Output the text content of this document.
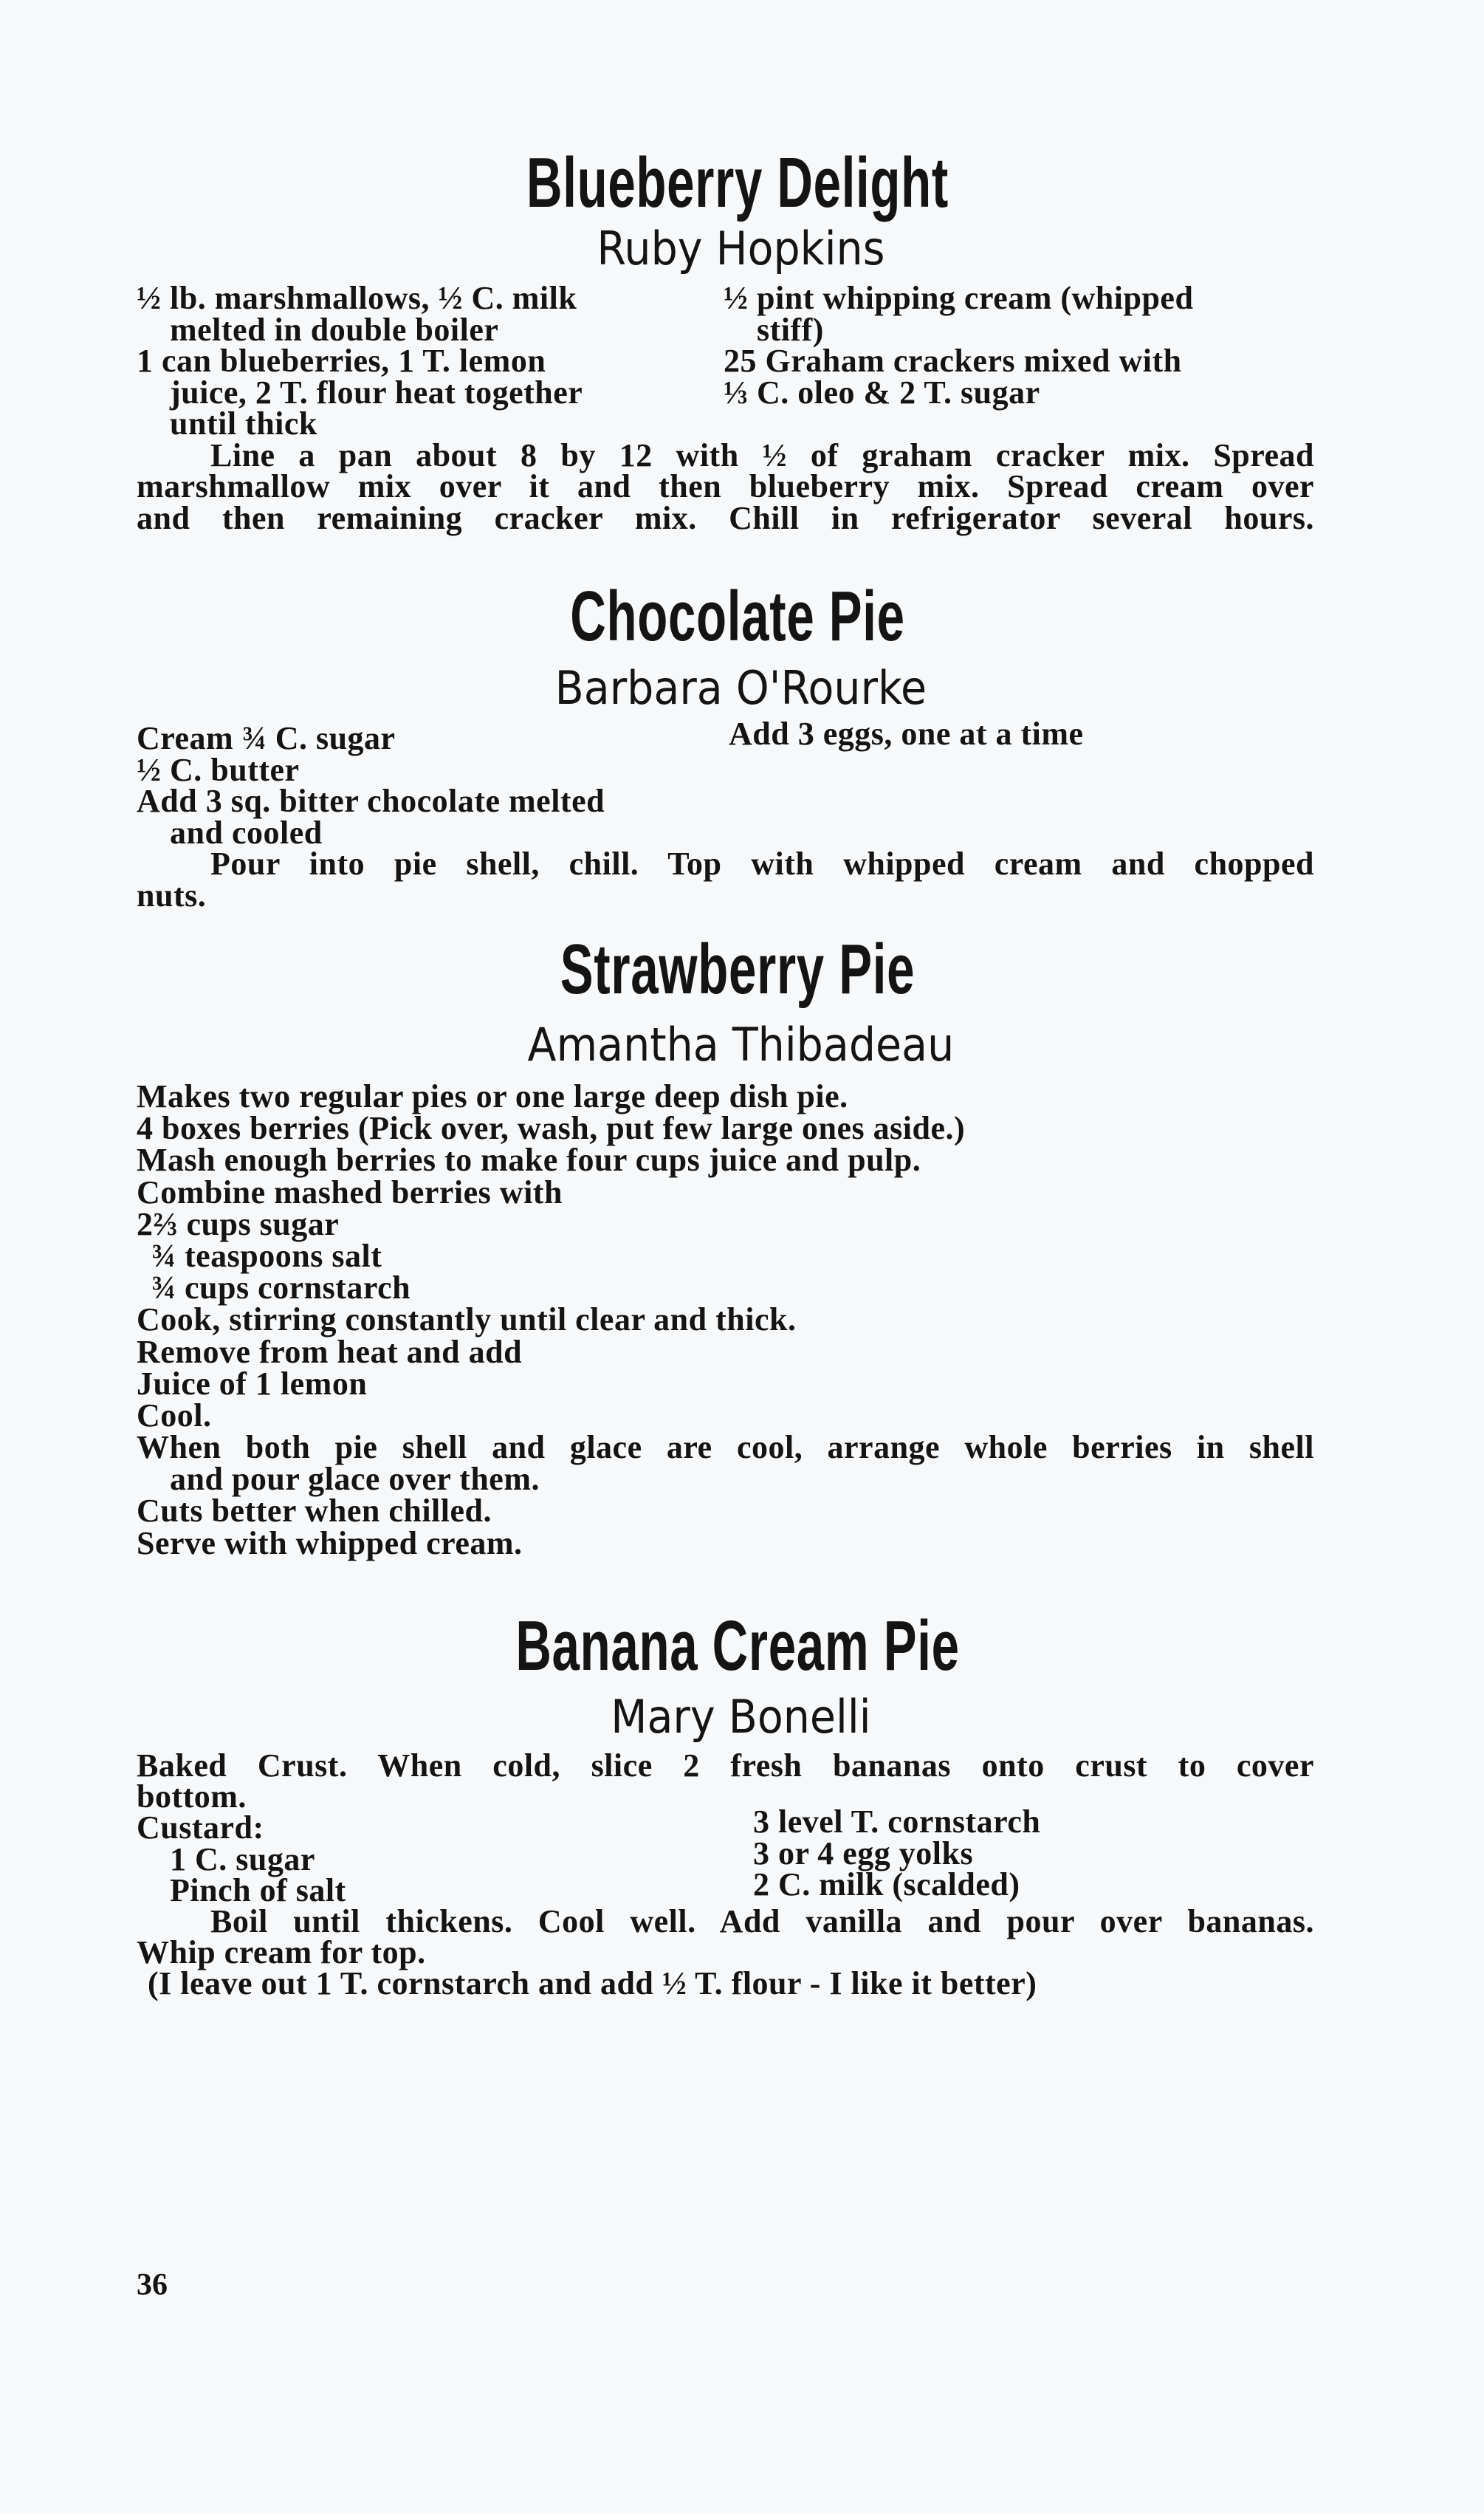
Blueberry Delight
Ruby Hopkins
½ lb. marshmallows, ½ C. milk	½ pint whipping cream (whipped
melted in double boiler	stiff)
1 can blueberries, 1 T. lemon	25 Graham crackers mixed with
juice, 2 T. flour heat together	⅓ C. oleo & 2 T. sugar
until thick
Line a pan about 8 by 12 with ½ of graham cracker mix. Spread
marshmallow mix over it and then blueberry mix. Spread cream over
and then remaining cracker mix. Chill in refrigerator several hours.
Chocolate Pie
Barbara O'Rourke
Cream ¾ C. sugar	Add 3 eggs, one at a time
½ C. butter
Add 3 sq. bitter chocolate melted
and cooled
Pour into pie shell, chill. Top with whipped cream and chopped
nuts.
Strawberry Pie
Amantha Thibadeau
Makes two regular pies or one large deep dish pie.
4 boxes berries (Pick over, wash, put few large ones aside.)
Mash enough berries to make four cups juice and pulp.
Combine mashed berries with
2⅔ cups sugar
¾ teaspoons salt
¾ cups cornstarch
Cook, stirring constantly until clear and thick.
Remove from heat and add
Juice of 1 lemon
Cool.
When both pie shell and glace are cool, arrange whole berries in shell
and pour glace over them.
Cuts better when chilled.
Serve with whipped cream.
Banana Cream Pie
Mary Bonelli
Baked Crust. When cold, slice 2 fresh bananas onto crust to cover
bottom.
Custard:	3 level T. cornstarch
1 C. sugar	3 or 4 egg yolks
Pinch of salt	2 C. milk (scalded)
Boil until thickens. Cool well. Add vanilla and pour over bananas.
Whip cream for top.
(I leave out 1 T. cornstarch and add ½ T. flour - I like it better)
36
